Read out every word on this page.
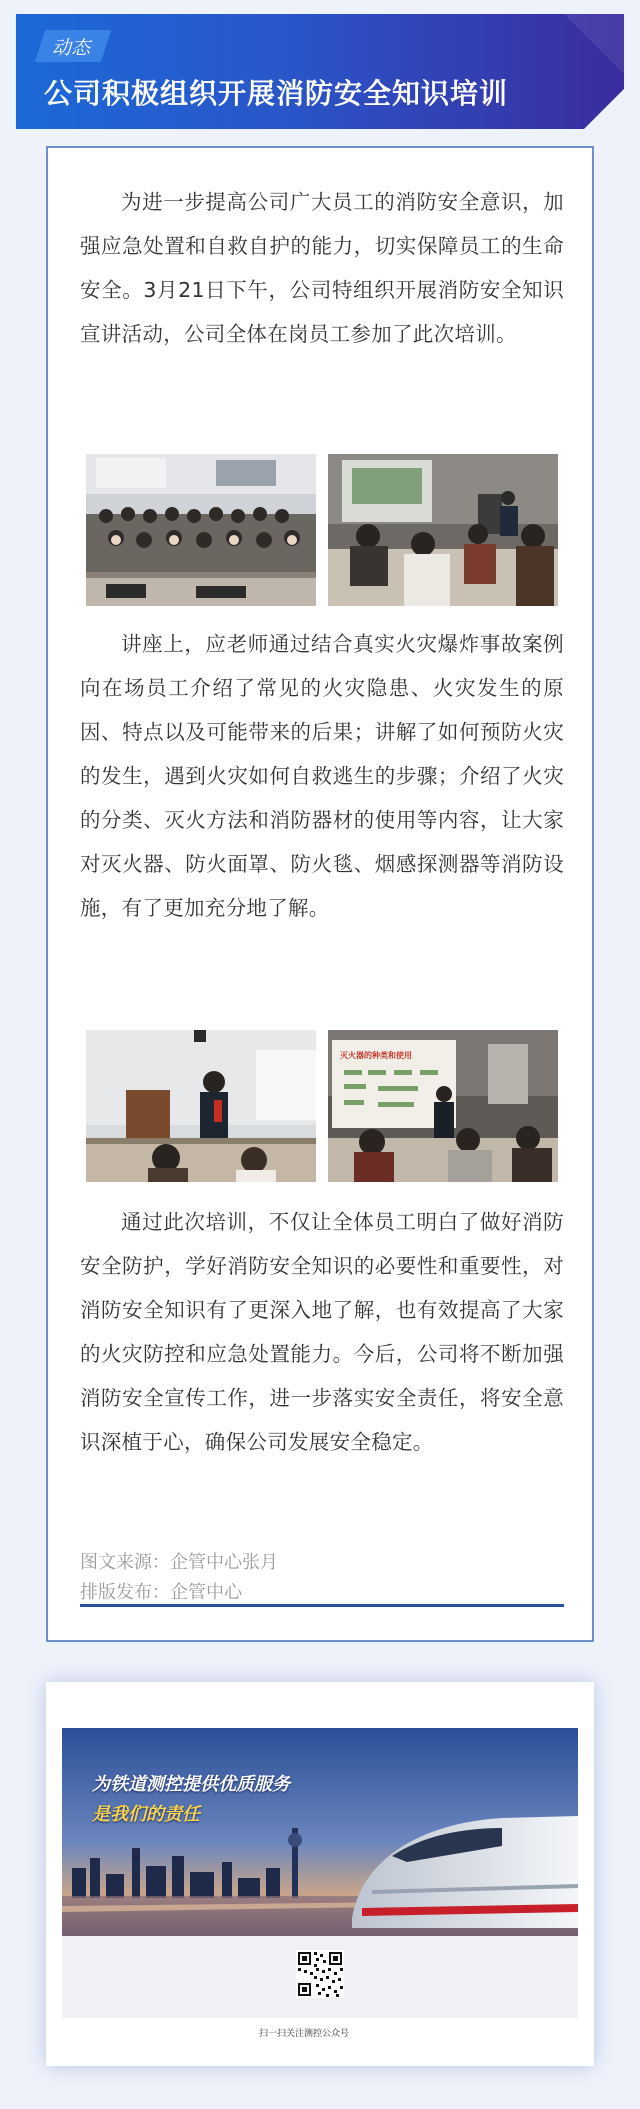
动态
公司积极组织开展消防安全知识培训

为进一步提高公司广大员工的消防安全意识，加强应急处置和自救自护的能力，切实保障员工的生命安全。3月21日下午，公司特组织开展消防安全知识宣讲活动，公司全体在岗员工参加了此次培训。

讲座上，应老师通过结合真实火灾爆炸事故案例向在场员工介绍了常见的火灾隐患、火灾发生的原因、特点以及可能带来的后果；讲解了如何预防火灾的发生，遇到火灾如何自救逃生的步骤；介绍了火灾的分类、灭火方法和消防器材的使用等内容，让大家对灭火器、防火面罩、防火毯、烟感探测器等消防设施，有了更加充分地了解。

灭火器的种类和使用

通过此次培训，不仅让全体员工明白了做好消防安全防护，学好消防安全知识的必要性和重要性，对消防安全知识有了更深入地了解，也有效提高了大家的火灾防控和应急处置能力。今后，公司将不断加强消防安全宣传工作，进一步落实安全责任，将安全意识深植于心，确保公司发展安全稳定。

图文来源：企管中心张月
排版发布：企管中心
为铁道测控提供优质服务
是我们的责任
扫一扫关注测控公众号
